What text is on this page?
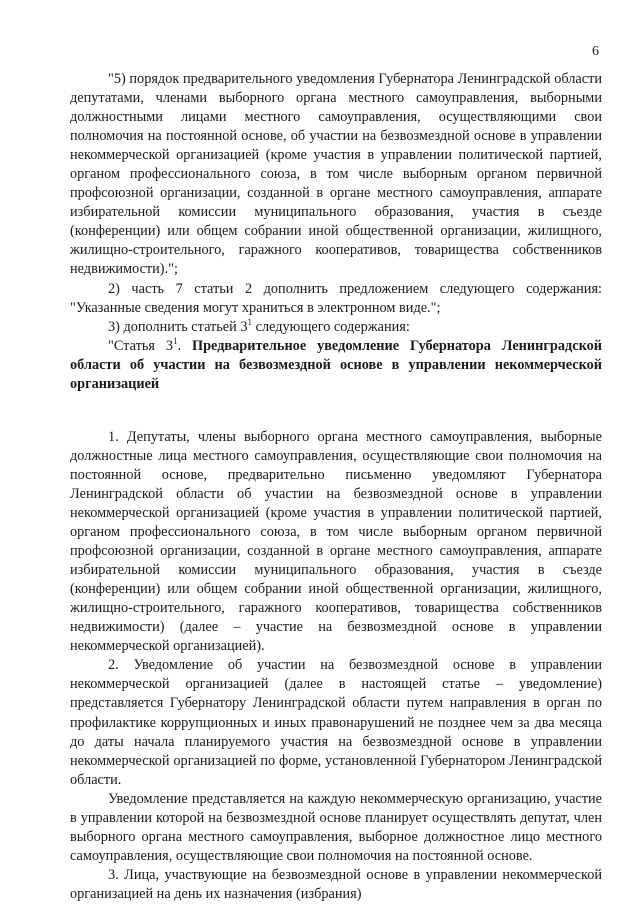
6

"5) порядок предварительного уведомления Губернатора Ленинградской области депутатами, членами выборного органа местного самоуправления, выборными должностными лицами местного самоуправления, осуществляющими свои полномочия на постоянной основе, об участии на безвозмездной основе в управлении некоммерческой организацией (кроме участия в управлении политической партией, органом профессионального союза, в том числе выборным органом первичной профсоюзной организации, созданной в органе местного самоуправления, аппарате избирательной комиссии муниципального образования, участия в съезде (конференции) или общем собрании иной общественной организации, жилищного, жилищно-строительного, гаражного кооперативов, товарищества собственников недвижимости).";

2) часть 7 статьи 2 дополнить предложением следующего содержания: "Указанные сведения могут храниться в электронном виде.";

3) дополнить статьей $3^1$ следующего содержания:

"Статья $3^1$. Предварительное уведомление Губернатора Ленинградской области об участии на безвозмездной основе в управлении некоммерческой организацией

1. Депутаты, члены выборного органа местного самоуправления, выборные должностные лица местного самоуправления, осуществляющие свои полномочия на постоянной основе, предварительно письменно уведомляют Губернатора Ленинградской области об участии на безвозмездной основе в управлении некоммерческой организацией (кроме участия в управлении политической партией, органом профессионального союза, в том числе выборным органом первичной профсоюзной организации, созданной в органе местного самоуправления, аппарате избирательной комиссии муниципального образования, участия в съезде (конференции) или общем собрании иной общественной организации, жилищного, жилищно-строительного, гаражного кооперативов, товарищества собственников недвижимости) (далее – участие на безвозмездной основе в управлении некоммерческой организацией).

2. Уведомление об участии на безвозмездной основе в управлении некоммерческой организацией (далее в настоящей статье – уведомление) представляется Губернатору Ленинградской области путем направления в орган по профилактике коррупционных и иных правонарушений не позднее чем за два месяца до даты начала планируемого участия на безвозмездной основе в управлении некоммерческой организацией по форме, установленной Губернатором Ленинградской области.

Уведомление представляется на каждую некоммерческую организацию, участие в управлении которой на безвозмездной основе планирует осуществлять депутат, член выборного органа местного самоуправления, выборное должностное лицо местного самоуправления, осуществляющие свои полномочия на постоянной основе.

3. Лица, участвующие на безвозмездной основе в управлении некоммерческой организацией на день их назначения (избрания)
